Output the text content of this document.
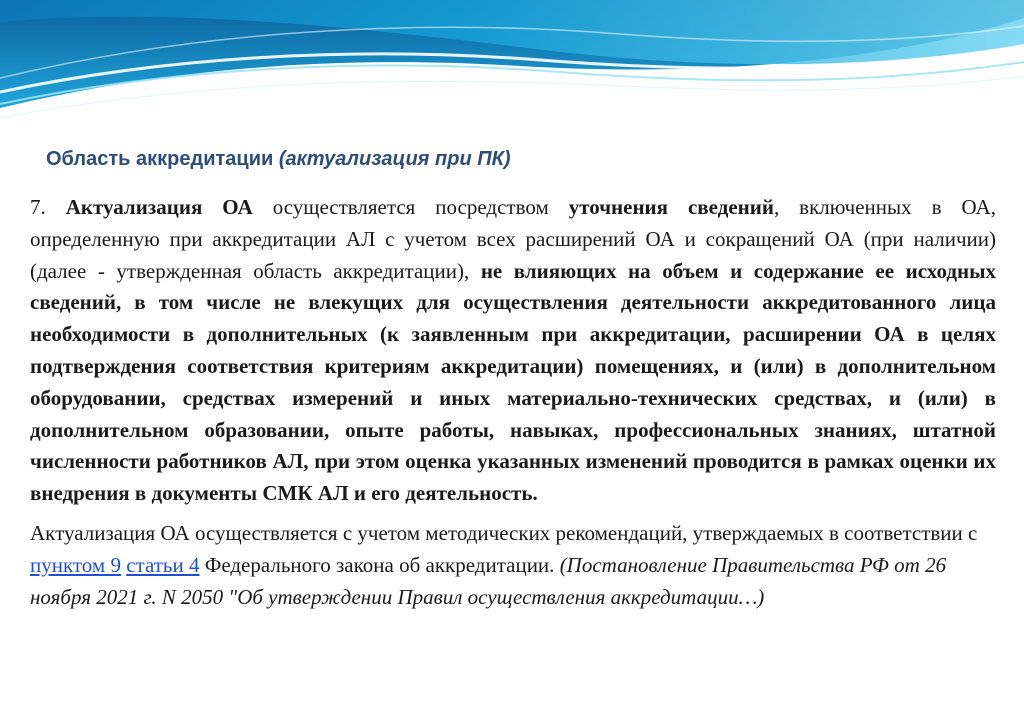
Область аккредитации (актуализация при ПК)

7. Актуализация ОА осуществляется посредством уточнения сведений, включенных в ОА, определенную при аккредитации АЛ с учетом всех расширений ОА и сокращений ОА (при наличии) (далее - утвержденная область аккредитации), не влияющих на объем и содержание ее исходных сведений, в том числе не влекущих для осуществления деятельности аккредитованного лица необходимости в дополнительных (к заявленным при аккредитации, расширении ОА в целях подтверждения соответствия критериям аккредитации) помещениях, и (или) в дополнительном оборудовании, средствах измерений и иных материально-технических средствах, и (или) в дополнительном образовании, опыте работы, навыках, профессиональных знаниях, штатной численности работников АЛ, при этом оценка указанных изменений проводится в рамках оценки их внедрения в документы СМК АЛ и его деятельность.

Актуализация ОА осуществляется с учетом методических рекомендаций, утверждаемых в соответствии с пунктом 9 статьи 4 Федерального закона об аккредитации. (Постановление Правительства РФ от 26 ноября 2021 г. N 2050 "Об утверждении Правил осуществления аккредитации…)
